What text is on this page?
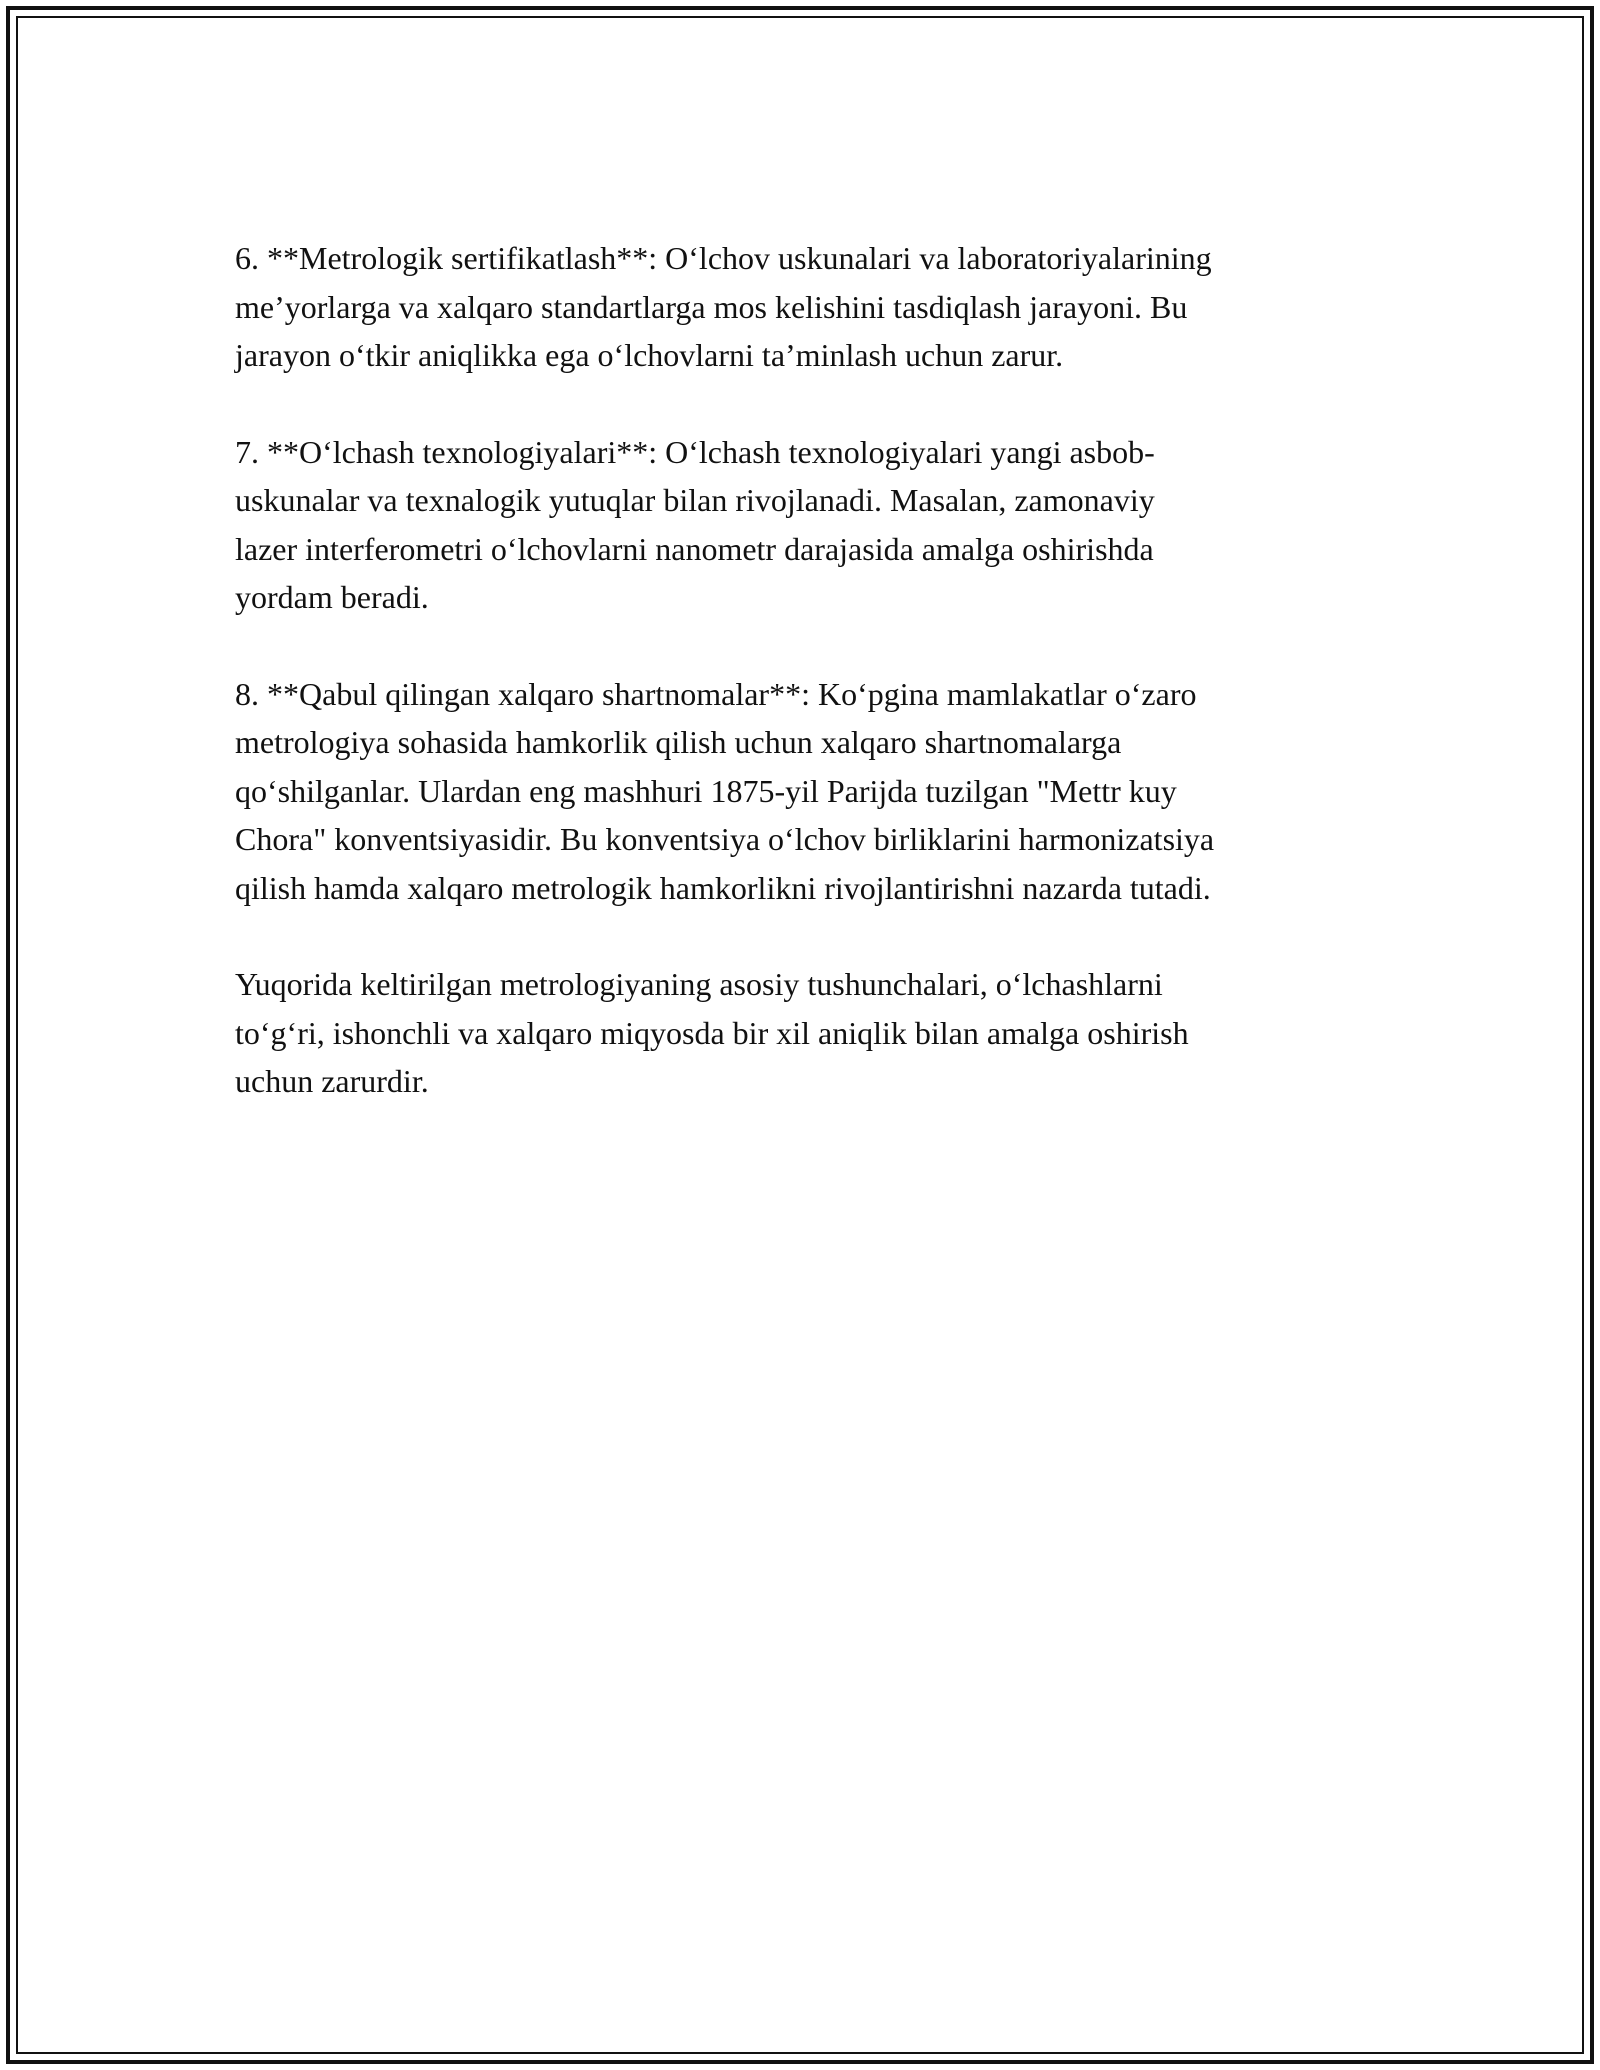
6. **Metrologik sertifikatlash**: O‘lchov uskunalari va laboratoriyalarining
me’yorlarga va xalqaro standartlarga mos kelishini tasdiqlash jarayoni. Bu
jarayon o‘tkir aniqlikka ega o‘lchovlarni ta’minlash uchun zarur.

7. **O‘lchash texnologiyalari**: O‘lchash texnologiyalari yangi asbob-
uskunalar va texnalogik yutuqlar bilan rivojlanadi. Masalan, zamonaviy
lazer interferometri o‘lchovlarni nanometr darajasida amalga oshirishda
yordam beradi.

8. **Qabul qilingan xalqaro shartnomalar**: Ko‘pgina mamlakatlar o‘zaro
metrologiya sohasida hamkorlik qilish uchun xalqaro shartnomalarga
qo‘shilganlar. Ulardan eng mashhuri 1875-yil Parijda tuzilgan "Mettr kuy
Chora" konventsiyasidir. Bu konventsiya o‘lchov birliklarini harmonizatsiya
qilish hamda xalqaro metrologik hamkorlikni rivojlantirishni nazarda tutadi.

Yuqorida keltirilgan metrologiyaning asosiy tushunchalari, o‘lchashlarni
to‘g‘ri, ishonchli va xalqaro miqyosda bir xil aniqlik bilan amalga oshirish
uchun zarurdir.
